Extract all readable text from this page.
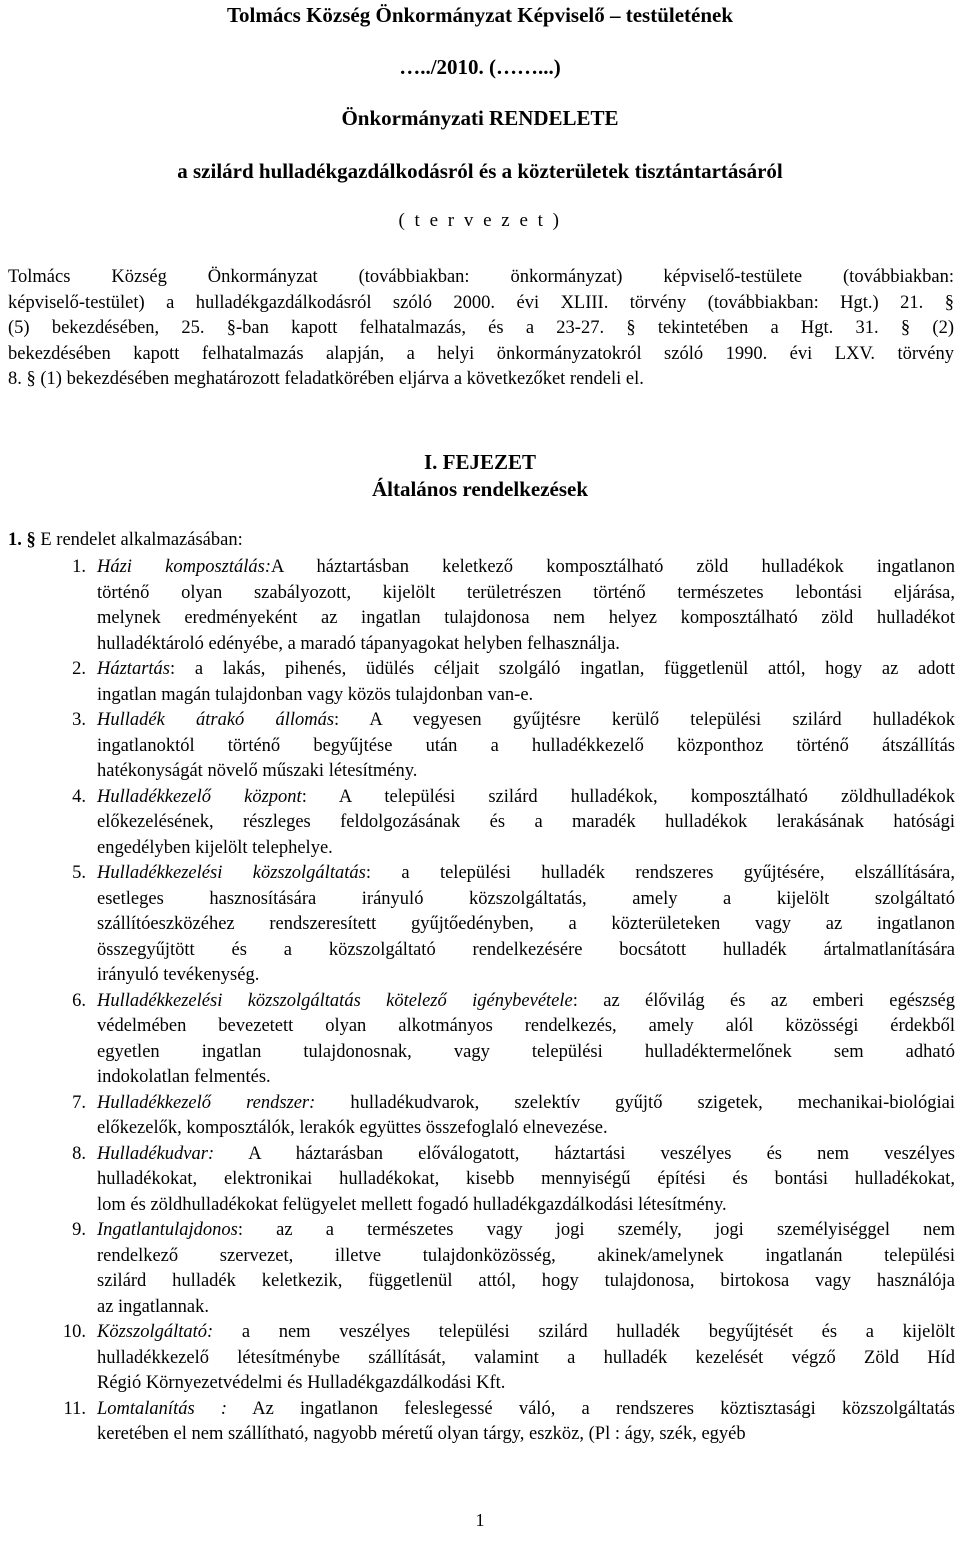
Tolmács Község Önkormányzat Képviselő – testületének
…../2010. (……...)
Önkormányzati RENDELETE
a szilárd hulladékgazdálkodásról és a közterületek tisztántartásáról
( t e r v e z e t )
Tolmács Község Önkormányzat (továbbiakban: önkormányzat) képviselő-testülete (továbbiakban:
képviselő-testület) a hulladékgazdálkodásról szóló 2000. évi XLIII. törvény (továbbiakban: Hgt.) 21. §
(5) bekezdésében, 25. §-ban kapott felhatalmazás, és a 23-27. § tekintetében a Hgt. 31. § (2)
bekezdésében kapott felhatalmazás alapján, a helyi önkormányzatokról szóló 1990. évi LXV. törvény
8. § (1) bekezdésében meghatározott feladatkörében eljárva a következőket rendeli el.
I. FEJEZET
Általános rendelkezések
1. § E rendelet alkalmazásában:
1. Házi komposztálás:A háztartásban keletkező komposztálható zöld hulladékok ingatlanon
történő olyan szabályozott, kijelölt területrészen történő természetes lebontási eljárása,
melynek eredményeként az ingatlan tulajdonosa nem helyez komposztálható zöld hulladékot
hulladéktároló edényébe, a maradó tápanyagokat helyben felhasználja.
2. Háztartás: a lakás, pihenés, üdülés céljait szolgáló ingatlan, függetlenül attól, hogy az adott
ingatlan magán tulajdonban vagy közös tulajdonban van-e.
3. Hulladék átrakó állomás: A vegyesen gyűjtésre kerülő települési szilárd hulladékok
ingatlanoktól történő begyűjtése után a hulladékkezelő központhoz történő átszállítás
hatékonyságát növelő műszaki létesítmény.
4. Hulladékkezelő központ: A települési szilárd hulladékok, komposztálható zöldhulladékok
előkezelésének, részleges feldolgozásának és a maradék hulladékok lerakásának hatósági
engedélyben kijelölt telephelye.
5. Hulladékkezelési közszolgáltatás: a települési hulladék rendszeres gyűjtésére, elszállítására,
esetleges hasznosítására irányuló közszolgáltatás, amely a kijelölt szolgáltató
szállítóeszközéhez rendszeresített gyűjtőedényben, a közterületeken vagy az ingatlanon
összegyűjtött és a közszolgáltató rendelkezésére bocsátott hulladék ártalmatlanítására
irányuló tevékenység.
6. Hulladékkezelési közszolgáltatás kötelező igénybevétele: az élővilág és az emberi egészség
védelmében bevezetett olyan alkotmányos rendelkezés, amely alól közösségi érdekből
egyetlen ingatlan tulajdonosnak, vagy települési hulladéktermelőnek sem adható
indokolatlan felmentés.
7. Hulladékkezelő rendszer: hulladékudvarok, szelektív gyűjtő szigetek, mechanikai-biológiai
előkezelők, komposztálók, lerakók együttes összefoglaló elnevezése.
8. Hulladékudvar: A háztarásban előválogatott, háztartási veszélyes és nem veszélyes
hulladékokat, elektronikai hulladékokat, kisebb mennyiségű építési és bontási hulladékokat,
lom és zöldhulladékokat felügyelet mellett fogadó hulladékgazdálkodási létesítmény.
9. Ingatlantulajdonos: az a természetes vagy jogi személy, jogi személyiséggel nem
rendelkező szervezet, illetve tulajdonközösség, akinek/amelynek ingatlanán települési
szilárd hulladék keletkezik, függetlenül attól, hogy tulajdonosa, birtokosa vagy használója
az ingatlannak.
10. Közszolgáltató: a nem veszélyes települési szilárd hulladék begyűjtését és a kijelölt
hulladékkezelő létesítménybe szállítását, valamint a hulladék kezelését végző Zöld Híd
Régió Környezetvédelmi és Hulladékgazdálkodási Kft.
11. Lomtalanítás : Az ingatlanon feleslegessé váló, a rendszeres köztisztasági közszolgáltatás
keretében el nem szállítható, nagyobb méretű olyan tárgy, eszköz, (Pl : ágy, szék, egyéb
1
